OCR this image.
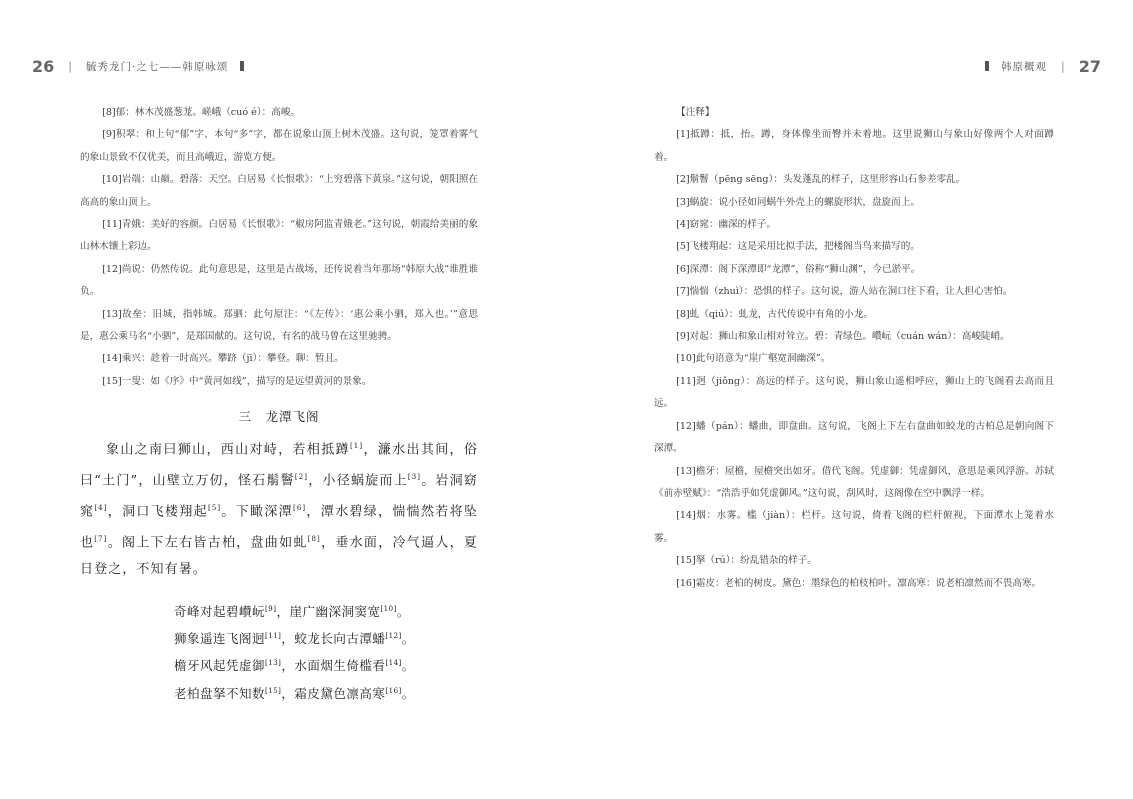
26 | 毓秀龙门·之七——韩原咏颂	韩原概观 | 27

[8]郁：林木茂盛葱茏。嵯峨（cuó é）：高峻。

[9]积翠：和上句“郁”字、本句“多”字，都在说象山顶上树木茂盛。这句说，笼罩着雾气的象山景致不仅优美，而且高峨近，游览方便。

[10]岩端：山巅。碧落：天空。白居易《长恨歌》：“上穷碧落下黄泉。”这句说，朝阳照在高高的象山顶上。

[11]青娥：美好的容颜。白居易《长恨歌》：“椒房阿监青娥老。”这句说，朝霞给美丽的象山林木镶上彩边。

[12]尚说：仍然传说。此句意思是，这里是古战场，还传说着当年那场“韩原大战”谁胜谁负。

[13]故垒：旧城，指韩城。郑驷：此句原注：“《左传》：‘惠公乘小驷，郑入也。’”意思是，惠公乘马名“小驷”，是郑国献的。这句说，有名的战马曾在这里驰骋。

[14]乘兴：趁着一时高兴。攀跻（jī）：攀登。聊：暂且。

[15]一叟：如《序》中“黄河如线”，描写的是远望黄河的景象。

三　龙潭飞阁

象山之南曰狮山，西山对峙，若相抵蹲[1]，濂水出其间，俗曰“土门”，山壁立万仞，怪石鬅鬙[2]，小径蜗旋而上[3]。岩洞窈窕[4]，洞口飞楼翔起[5]。下瞰深潭[6]，潭水碧绿，惴惴然若将坠也[7]。阁上下左右皆古柏，盘曲如虬[8]，垂水面，冷气逼人，夏日登之，不知有暑。

奇峰对起碧巑岏[9]，崖广幽深洞窦宽[10]。
狮象遥连飞阁迥[11]，蛟龙长向古潭蟠[12]。
檐牙风起凭虚御[13]，水面烟生倚槛看[14]。
老柏盘拏不知数[15]，霜皮黛色凛高寒[16]。

【注释】

[1]抵蹲：抵，抬。蹲，身体像坐而臀并未着地。这里说狮山与象山好像两个人对面蹲着。

[2]鬅鬙（pēng sēng）：头发蓬乱的样子，这里形容山石参差零乱。

[3]蜗旋：说小径如同蜗牛外壳上的螺旋形状，盘旋而上。

[4]窈窕：幽深的样子。

[5]飞楼翔起：这是采用比拟手法，把楼阁当鸟来描写的。

[6]深潭：阁下深潭即“龙潭”，俗称“狮山渊”，今已淤平。

[7]惴惴（zhuì）：恐惧的样子。这句说，游人站在洞口往下看，让人担心害怕。

[8]虬（qiú）：虬龙，古代传说中有角的小龙。

[9]对起：狮山和象山相对耸立。碧：青绿色。巑岏（cuán wán）：高峻陡峭。

[10]此句语意为“崖广壑宽洞幽深”。

[11]迥（jiǒng）：高远的样子。这句说，狮山象山遥相呼应，狮山上的飞阁看去高而且远。

[12]蟠（pán）：蟠曲，即盘曲。这句说，飞阁上下左右盘曲如蛟龙的古柏总是朝向阁下深潭。

[13]檐牙：屋檐，屋檐突出如牙。借代飞阁。凭虚御：凭虚御风，意思是乘风浮游。苏轼《前赤壁赋》：“浩浩乎如凭虚御风。”这句说，刮风时，这阁像在空中飘浮一样。

[14]烟：水雾。槛（jiàn）：栏杆。这句说，倚着飞阁的栏杆俯视，下面潭水上笼着水雾。

[15]拏（rú）：纷乱错杂的样子。

[16]霜皮：老柏的树皮。黛色：墨绿色的柏枝柏叶。凛高寒：说老柏凛然而不畏高寒。
